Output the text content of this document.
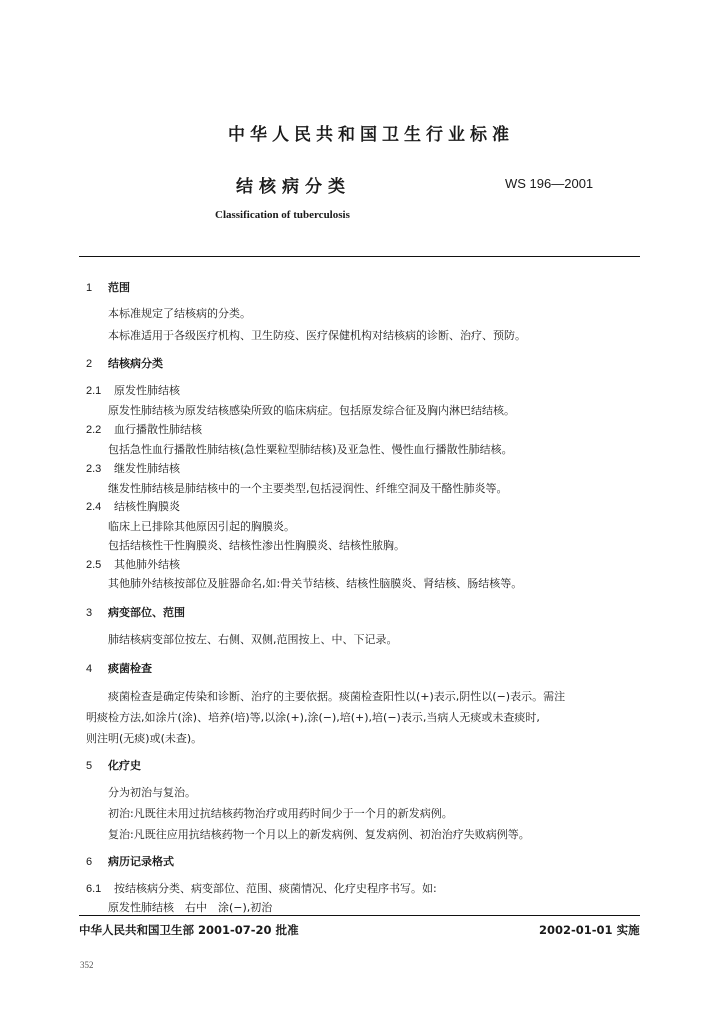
中华人民共和国卫生行业标准
结核病分类	WS 196—2001
Classification of tuberculosis
1 范围
本标准规定了结核病的分类。
本标准适用于各级医疗机构、卫生防疫、医疗保健机构对结核病的诊断、治疗、预防。
2 结核病分类
2.1 原发性肺结核
原发性肺结核为原发结核感染所致的临床病症。包括原发综合征及胸内淋巴结结核。
2.2 血行播散性肺结核
包括急性血行播散性肺结核(急性粟粒型肺结核)及亚急性、慢性血行播散性肺结核。
2.3 继发性肺结核
继发性肺结核是肺结核中的一个主要类型,包括浸润性、纤维空洞及干酪性肺炎等。
2.4 结核性胸膜炎
临床上已排除其他原因引起的胸膜炎。
包括结核性干性胸膜炎、结核性渗出性胸膜炎、结核性脓胸。
2.5 其他肺外结核
其他肺外结核按部位及脏器命名,如:骨关节结核、结核性脑膜炎、肾结核、肠结核等。
3 病变部位、范围
肺结核病变部位按左、右侧、双侧,范围按上、中、下记录。
4 痰菌检查
痰菌检查是确定传染和诊断、治疗的主要依据。痰菌检查阳性以(+)表示,阴性以(−)表示。需注
明痰检方法,如涂片(涂)、培养(培)等,以涂(+),涂(−),培(+),培(−)表示,当病人无痰或未查痰时,
则注明(无痰)或(未查)。
5 化疗史
分为初治与复治。
初治:凡既往未用过抗结核药物治疗或用药时间少于一个月的新发病例。
复治:凡既往应用抗结核药物一个月以上的新发病例、复发病例、初治治疗失败病例等。
6 病历记录格式
6.1 按结核病分类、病变部位、范围、痰菌情况、化疗史程序书写。如:
原发性肺结核　右中　涂(−),初治
中华人民共和国卫生部 2001-07-20 批准	2002-01-01 实施
352
